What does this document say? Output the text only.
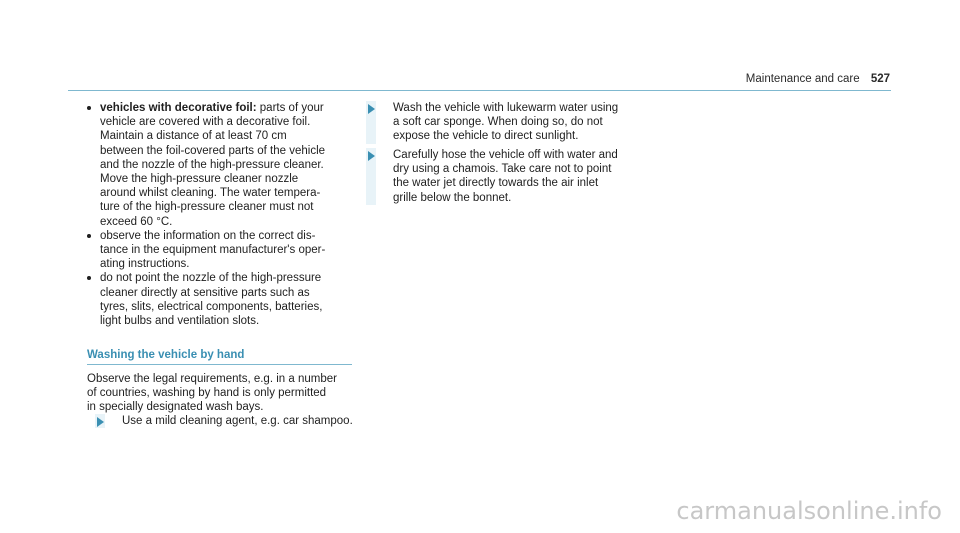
Maintenance and care 527
vehicles with decorative foil: parts of your
vehicle are covered with a decorative foil.
Maintain a distance of at least 70 cm
between the foil-covered parts of the vehicle
and the nozzle of the high-pressure cleaner.
Move the high-pressure cleaner nozzle
around whilst cleaning. The water tempera-
ture of the high-pressure cleaner must not
exceed 60 °C.
observe the information on the correct dis-
tance in the equipment manufacturer's oper-
ating instructions.
do not point the nozzle of the high-pressure
cleaner directly at sensitive parts such as
tyres, slits, electrical components, batteries,
light bulbs and ventilation slots.
Washing the vehicle by hand

Observe the legal requirements, e.g. in a number
of countries, washing by hand is only permitted
in specially designated wash bays.

Use a mild cleaning agent, e.g. car shampoo.
Wash the vehicle with lukewarm water using
a soft car sponge. When doing so, do not
expose the vehicle to direct sunlight.
Carefully hose the vehicle off with water and
dry using a chamois. Take care not to point
the water jet directly towards the air inlet
grille below the bonnet.
carmanualsonline.info
